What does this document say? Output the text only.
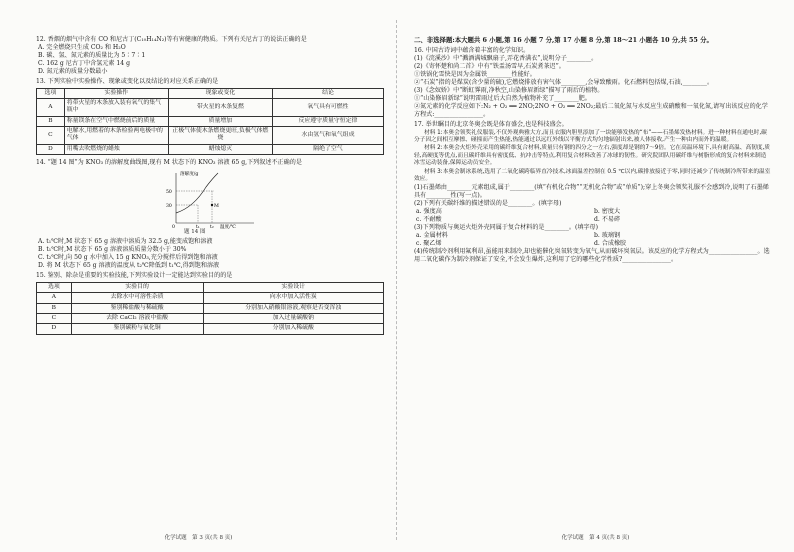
12. 香烟的烟气中含有 CO 和尼古丁(C₁₀H₁₄N₂)等有害健康的物质。下列有关尼古丁的说法正确的是
A. 完全燃烧只生成 CO₂ 和 H₂O
B. 碳、氢、氮元素的质量比为 5∶7∶1
C. 162 g 尼古丁中含氢元素 14 g
D. 氮元素的质量分数最小
13. 下列实验中实验操作、现象或变化以及结论的对应关系正确的是
选项	实验操作	现象或变化	结论
A	将带火星的木条放入装有氧气的集气瓶中	带火星的木条复燃	氧气具有可燃性
B	称量镁条在空气中燃烧前后的质量	质量增加	反应遵守质量守恒定律
C	电解水,用燃着的木条检验两电极中的气体	正极气体使木条燃烧更旺,负极气体燃烧	水由氢气和氧气组成
D	用嘴去吹燃烧的蜡烛	蜡烛熄灭	隔绝了空气
14. “题 14 图”为 KNO₃ 的溶解度曲线图,现有 M 状态下的 KNO₃ 溶液 65 g,下列叙述不正确的是
溶解度/g
50
30
0	t₁ t₂ 温度/℃
M
题 14 图
A. t₁℃时,M 状态下 65 g 溶液中溶质为 32.5 g,能变成饱和溶液
B. t₁℃时,M 状态下 65 g 溶液溶质质量分数小于 30%
C. t₂℃时,向 50 g 水中加入 15 g KNO₃,充分搅拌后得到饱和溶液
D. 将 M 状态下 65 g 溶液的温度从 t₂℃降低到 t₁℃,得到饱和溶液
15. 鉴别、除杂是重要的实验技能,下列实验设计一定能达到实验目的的是
选项	实验目的	实验设计
A	去除水中可溶性杂质	向水中加入活性炭
B	鉴别稀盐酸与稀硫酸	分别加入硝酸银溶液,观察是否变浑浊
C	去除 CaCl₂ 溶液中盐酸	加入过量碳酸钠
D	鉴别碳粉与氧化铜	分别加入稀硫酸
化学试题　第 3 页(共 8 页)
二、非选择题:本大题共 6 小题,第 16 小题 7 分,第 17 小题 8 分,第 18～21 小题各 10 分,共 55 分。
16. 中国古诗词中蕴含着丰富的化学知识。
(1)《浣溪沙》中“溅酒满城飘扇子,弄花香满衣”,说明分子________。
(2)《寄怀楚和尚二首》中有“铁盂汤雪早,石炭煮茶迟”。
①铁锅化雪快是因为金属铁________性能好。
②“石炭”指的是煤炭(含少量的硫),它燃烧排放有害气体________,会导致酸雨。化石燃料包括煤,石油,________。
(3)《念奴娇》中“断虹霁雨,净秋空,山染修眉新绿”描写了雨后的植物。
①“山染修眉新绿”说明雷雨过后大自然为植物补充了________肥。
②氮元素的化学反应如下:N₂ + O₂ ══ 2NO;2NO + O₂ ══ 2NO₂;最后二氧化氮与水反应生成硝酸和一氧化氮,请写出该反应的化学方程式:________________。
17. 举世瞩目的北京冬奥会既是体育盛会,也是科技盛会。
材料 1:本奥会领奖礼仪服装,不仅外观典雅大方,而且衣服内胆里添加了一块能够发热的“布”——石墨烯发热材料。进一种材料在通电时,碳分子因之间相互摩擦、碰撞而产生热能,热能通过以远红外线以平衡方式均匀地辐射出来,被人体接收,产生一种由内而外的温暖。
材料 2:本奥会火炬外壳采用的碳纤维复合材料,质量只有钢的四分之一左右,强度却是钢的7～9倍。它在高温环境下,具有耐高温、高韧度,质轻,高硬度等优点,而且碳纤维具有密度低、抗冲击等特点,利用复合材料改善了冰球的韧性。研究院团队用碳纤维与树脂形成的复合材料来制造冰雪运动装备,保障运动员安全。
材料 3:本奥会制冰系统,选用了二氧化碳跨临界直冷技术,冰面温差控制在 0.5 ℃以内,碳排放接近于零,同时还减少了传统制冷所带来的温室效应。
(1)石墨烯由________元素组成,属于________(填“有机化合物”“无机化合物”或“单质”);穿上冬奥会领奖礼服不会感到冷,说明了石墨烯具有________性(写一点)。
(2)下列有关碳纤维的描述错误的是________。(填字母)
a. 强度高	b. 密度大
c. 不耐酸	d. 不易碎
(3)下列物质与奥运火炬外壳同属于复合材料的是________。(填字母)
a. 金属材料	b. 玻璃钢
c. 聚乙烯	d. 合成橡胶
(4)传统制冷剂利用氟利昂,虽能用来制冷,却也能催化臭氧转变为氧气,从而破坏臭氧层。该反应的化学方程式为________________。选用二氧化碳作为制冷剂保证了安全,不会发生爆炸,这利用了它的哪些化学性质?________________。
化学试题　第 4 页(共 8 页)
